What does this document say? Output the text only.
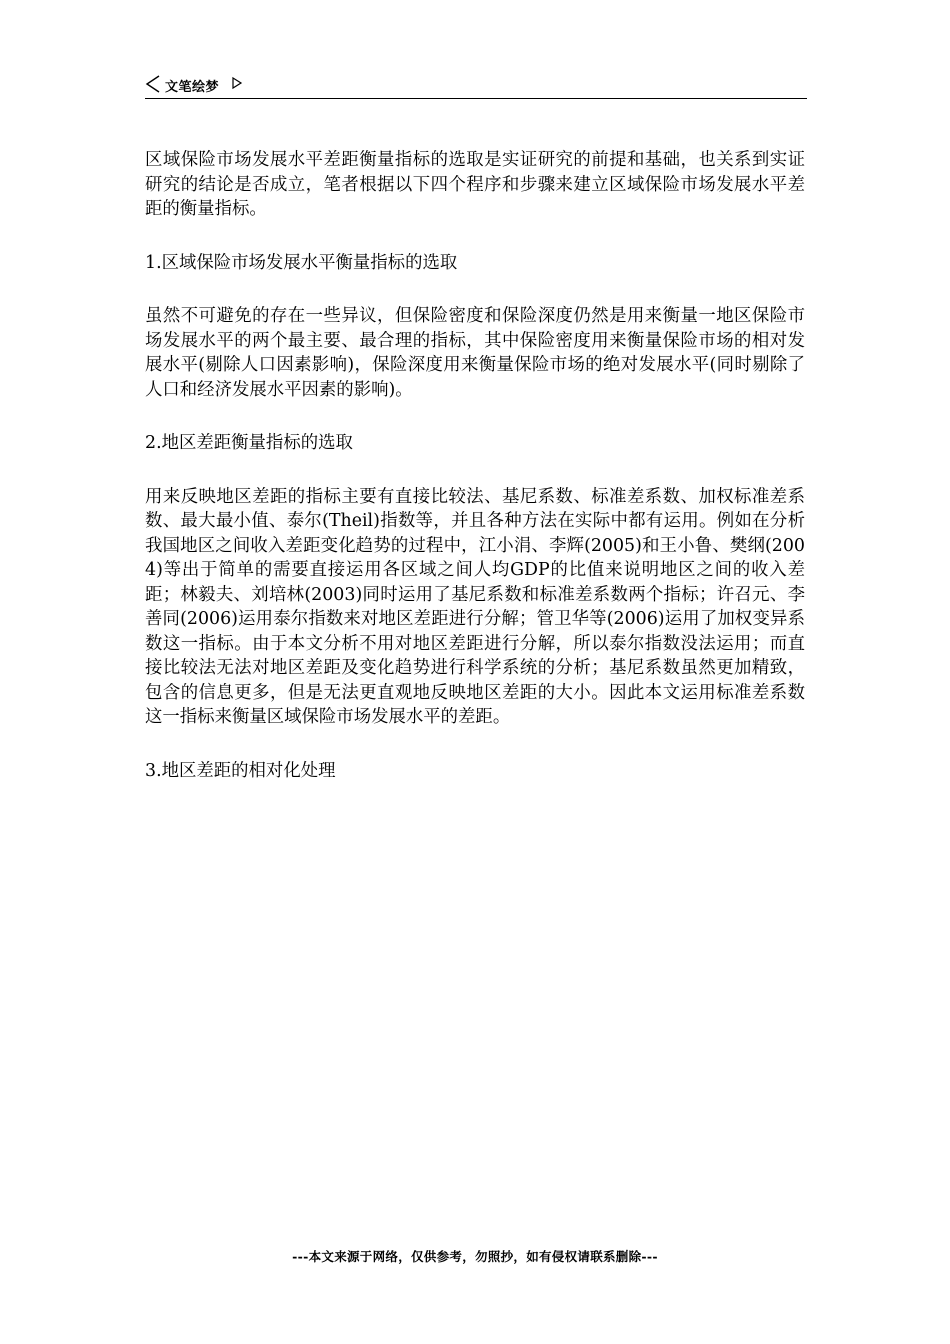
文笔绘梦

区域保险市场发展水平差距衡量指标的选取是实证研究的前提和基础，也关系到实证研究的结论是否成立，笔者根据以下四个程序和步骤来建立区域保险市场发展水平差距的衡量指标。

1.区域保险市场发展水平衡量指标的选取

虽然不可避免的存在一些异议，但保险密度和保险深度仍然是用来衡量一地区保险市场发展水平的两个最主要、最合理的指标，其中保险密度用来衡量保险市场的相对发展水平(剔除人口因素影响)，保险深度用来衡量保险市场的绝对发展水平(同时剔除了人口和经济发展水平因素的影响)。

2.地区差距衡量指标的选取

用来反映地区差距的指标主要有直接比较法、基尼系数、标准差系数、加权标准差系数、最大最小值、泰尔(Theil)指数等，并且各种方法在实际中都有运用。例如在分析我国地区之间收入差距变化趋势的过程中，江小涓、李辉(2005)和王小鲁、樊纲(2004)等出于简单的需要直接运用各区域之间人均GDP的比值来说明地区之间的收入差距；林毅夫、刘培林(2003)同时运用了基尼系数和标准差系数两个指标；许召元、李善同(2006)运用泰尔指数来对地区差距进行分解；管卫华等(2006)运用了加权变异系数这一指标。由于本文分析不用对地区差距进行分解，所以泰尔指数没法运用；而直接比较法无法对地区差距及变化趋势进行科学系统的分析；基尼系数虽然更加精致，包含的信息更多，但是无法更直观地反映地区差距的大小。因此本文运用标准差系数这一指标来衡量区域保险市场发展水平的差距。

3.地区差距的相对化处理

---本文来源于网络，仅供参考，勿照抄，如有侵权请联系删除---
